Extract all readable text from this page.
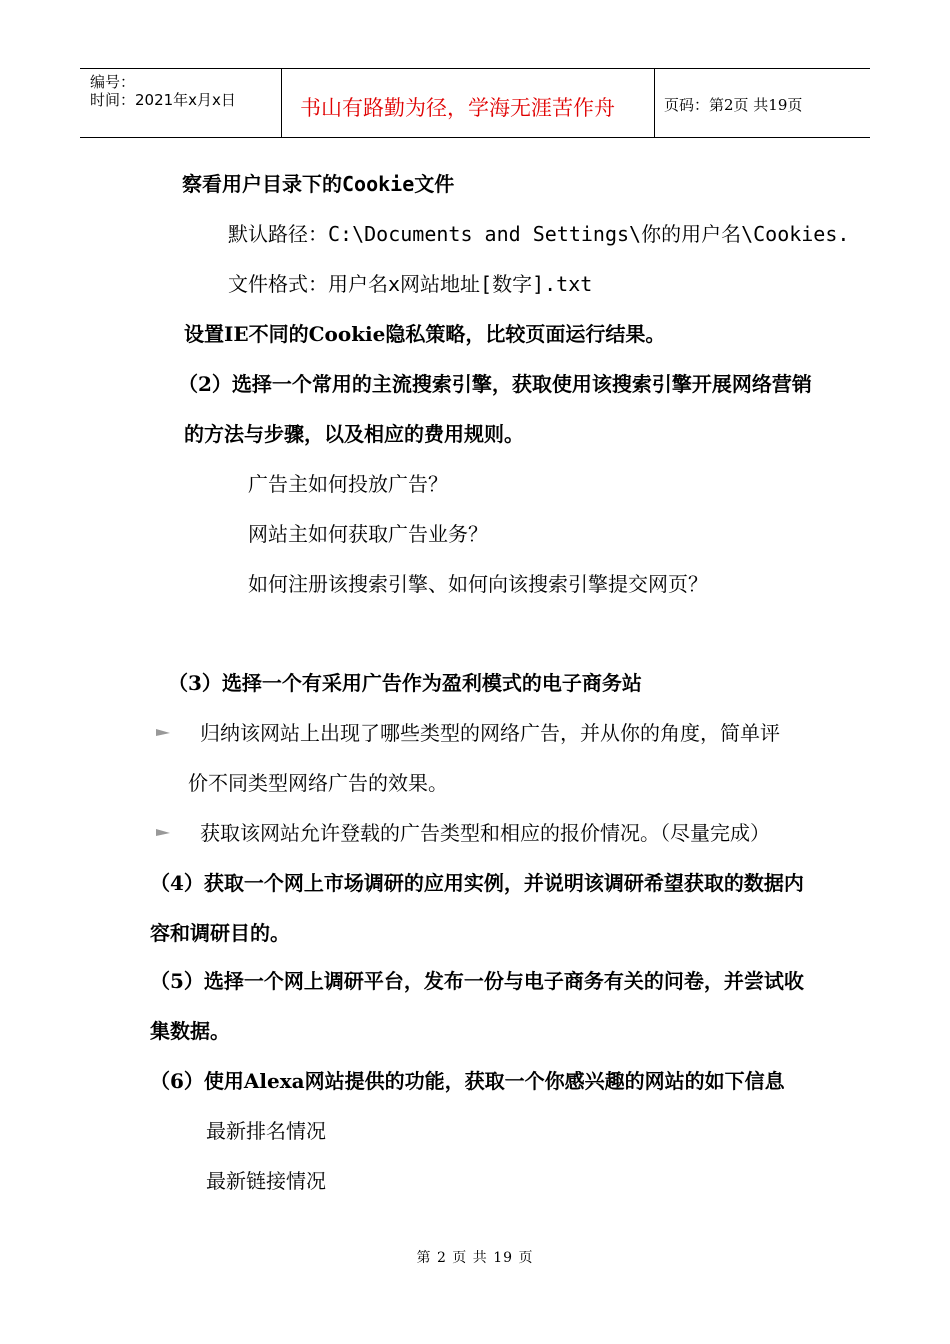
编号：
时间：2021年x月x日	书山有路勤为径，学海无涯苦作舟	页码：第2页 共19页
察看用户目录下的Cookie文件
默认路径：C:\Documents and Settings\你的用户名\Cookies.
文件格式：用户名x网站地址[数字].txt
设置IE不同的Cookie隐私策略，比较页面运行结果。
（2）选择一个常用的主流搜索引擎，获取使用该搜索引擎开展网络营销
的方法与步骤，以及相应的费用规则。
广告主如何投放广告？
网站主如何获取广告业务？
如何注册该搜索引擎、如何向该搜索引擎提交网页？
（3）选择一个有采用广告作为盈利模式的电子商务站
归纳该网站上出现了哪些类型的网络广告，并从你的角度，简单评
价不同类型网络广告的效果。
获取该网站允许登载的广告类型和相应的报价情况。（尽量完成）
（4）获取一个网上市场调研的应用实例，并说明该调研希望获取的数据内
容和调研目的。
（5）选择一个网上调研平台，发布一份与电子商务有关的问卷，并尝试收
集数据。
（6）使用Alexa网站提供的功能，获取一个你感兴趣的网站的如下信息
最新排名情况
最新链接情况
第 2 页 共 19 页
